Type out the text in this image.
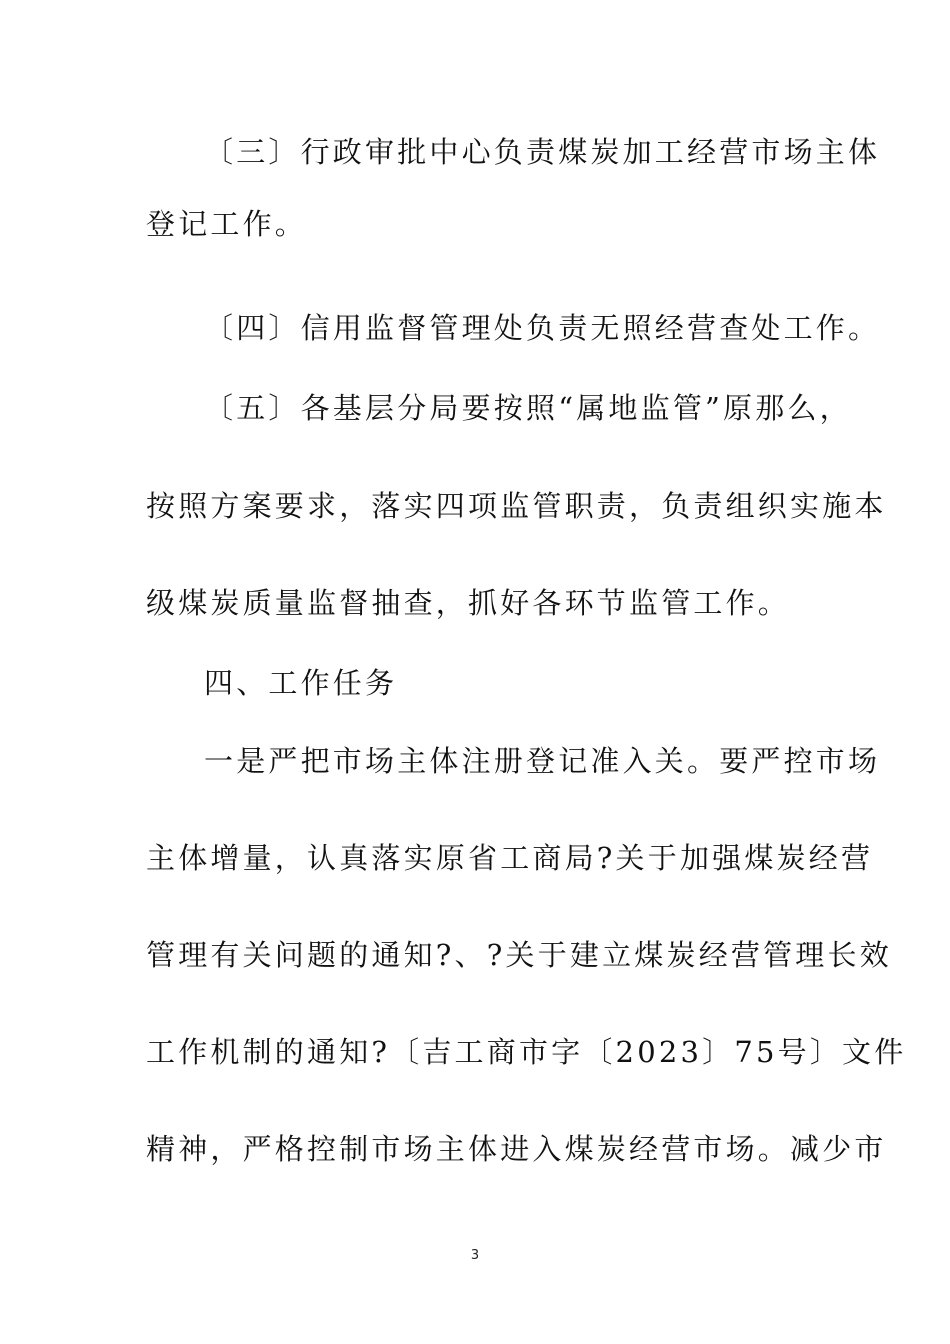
〔三〕行政审批中心负责煤炭加工经营市场主体
登记工作。
〔四〕信用监督管理处负责无照经营查处工作。
〔五〕各基层分局要按照“属地监管”原那么，
按照方案要求，落实四项监管职责，负责组织实施本
级煤炭质量监督抽查，抓好各环节监管工作。
四、工作任务
一是严把市场主体注册登记准入关。要严控市场
主体增量，认真落实原省工商局?关于加强煤炭经营
管理有关问题的通知?、?关于建立煤炭经营管理长效
工作机制的通知?〔吉工商市字〔2023〕75号〕文件
精神，严格控制市场主体进入煤炭经营市场。减少市
3
